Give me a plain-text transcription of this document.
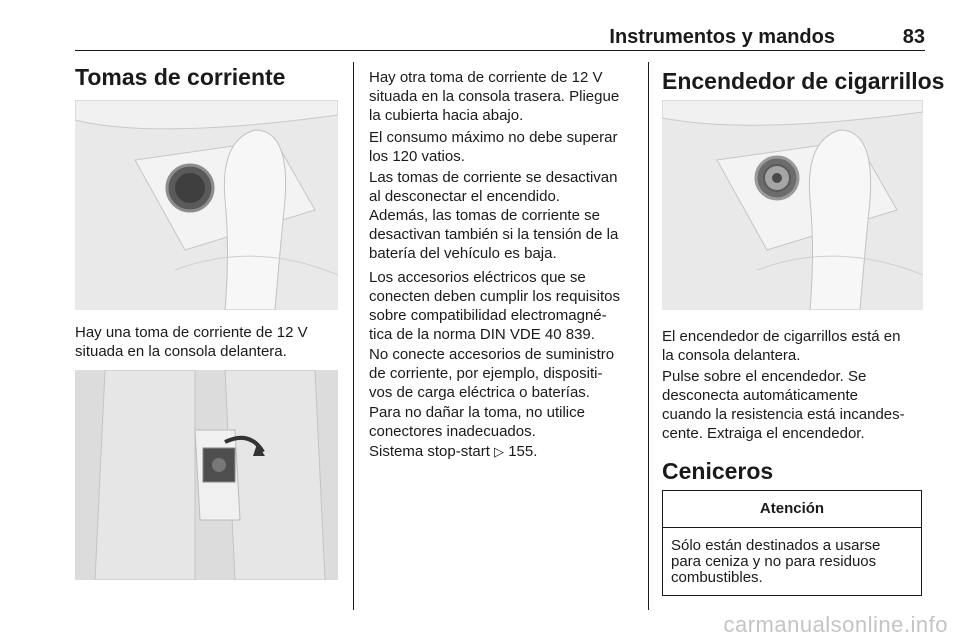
Instrumentos y mandos	83
Tomas de corriente
Hay una toma de corriente de 12 V
situada en la consola delantera.
Hay otra toma de corriente de 12 V
situada en la consola trasera. Pliegue
la cubierta hacia abajo.
El consumo máximo no debe superar
los 120 vatios.
Las tomas de corriente se desactivan
al desconectar el encendido.
Además, las tomas de corriente se
desactivan también si la tensión de la
batería del vehículo es baja.
Los accesorios eléctricos que se
conecten deben cumplir los requisitos
sobre compatibilidad electromagné-
tica de la norma DIN VDE 40 839.
No conecte accesorios de suministro
de corriente, por ejemplo, dispositi-
vos de carga eléctrica o baterías.
Para no dañar la toma, no utilice
conectores inadecuados.
Sistema stop-start ▷ 155.
Encendedor de cigarrillos
El encendedor de cigarrillos está en
la consola delantera.
Pulse sobre el encendedor. Se
desconecta automáticamente
cuando la resistencia está incandes-
cente. Extraiga el encendedor.
Ceniceros
Atención
Sólo están destinados a usarse
para ceniza y no para residuos
combustibles.
carmanualsonline.info
